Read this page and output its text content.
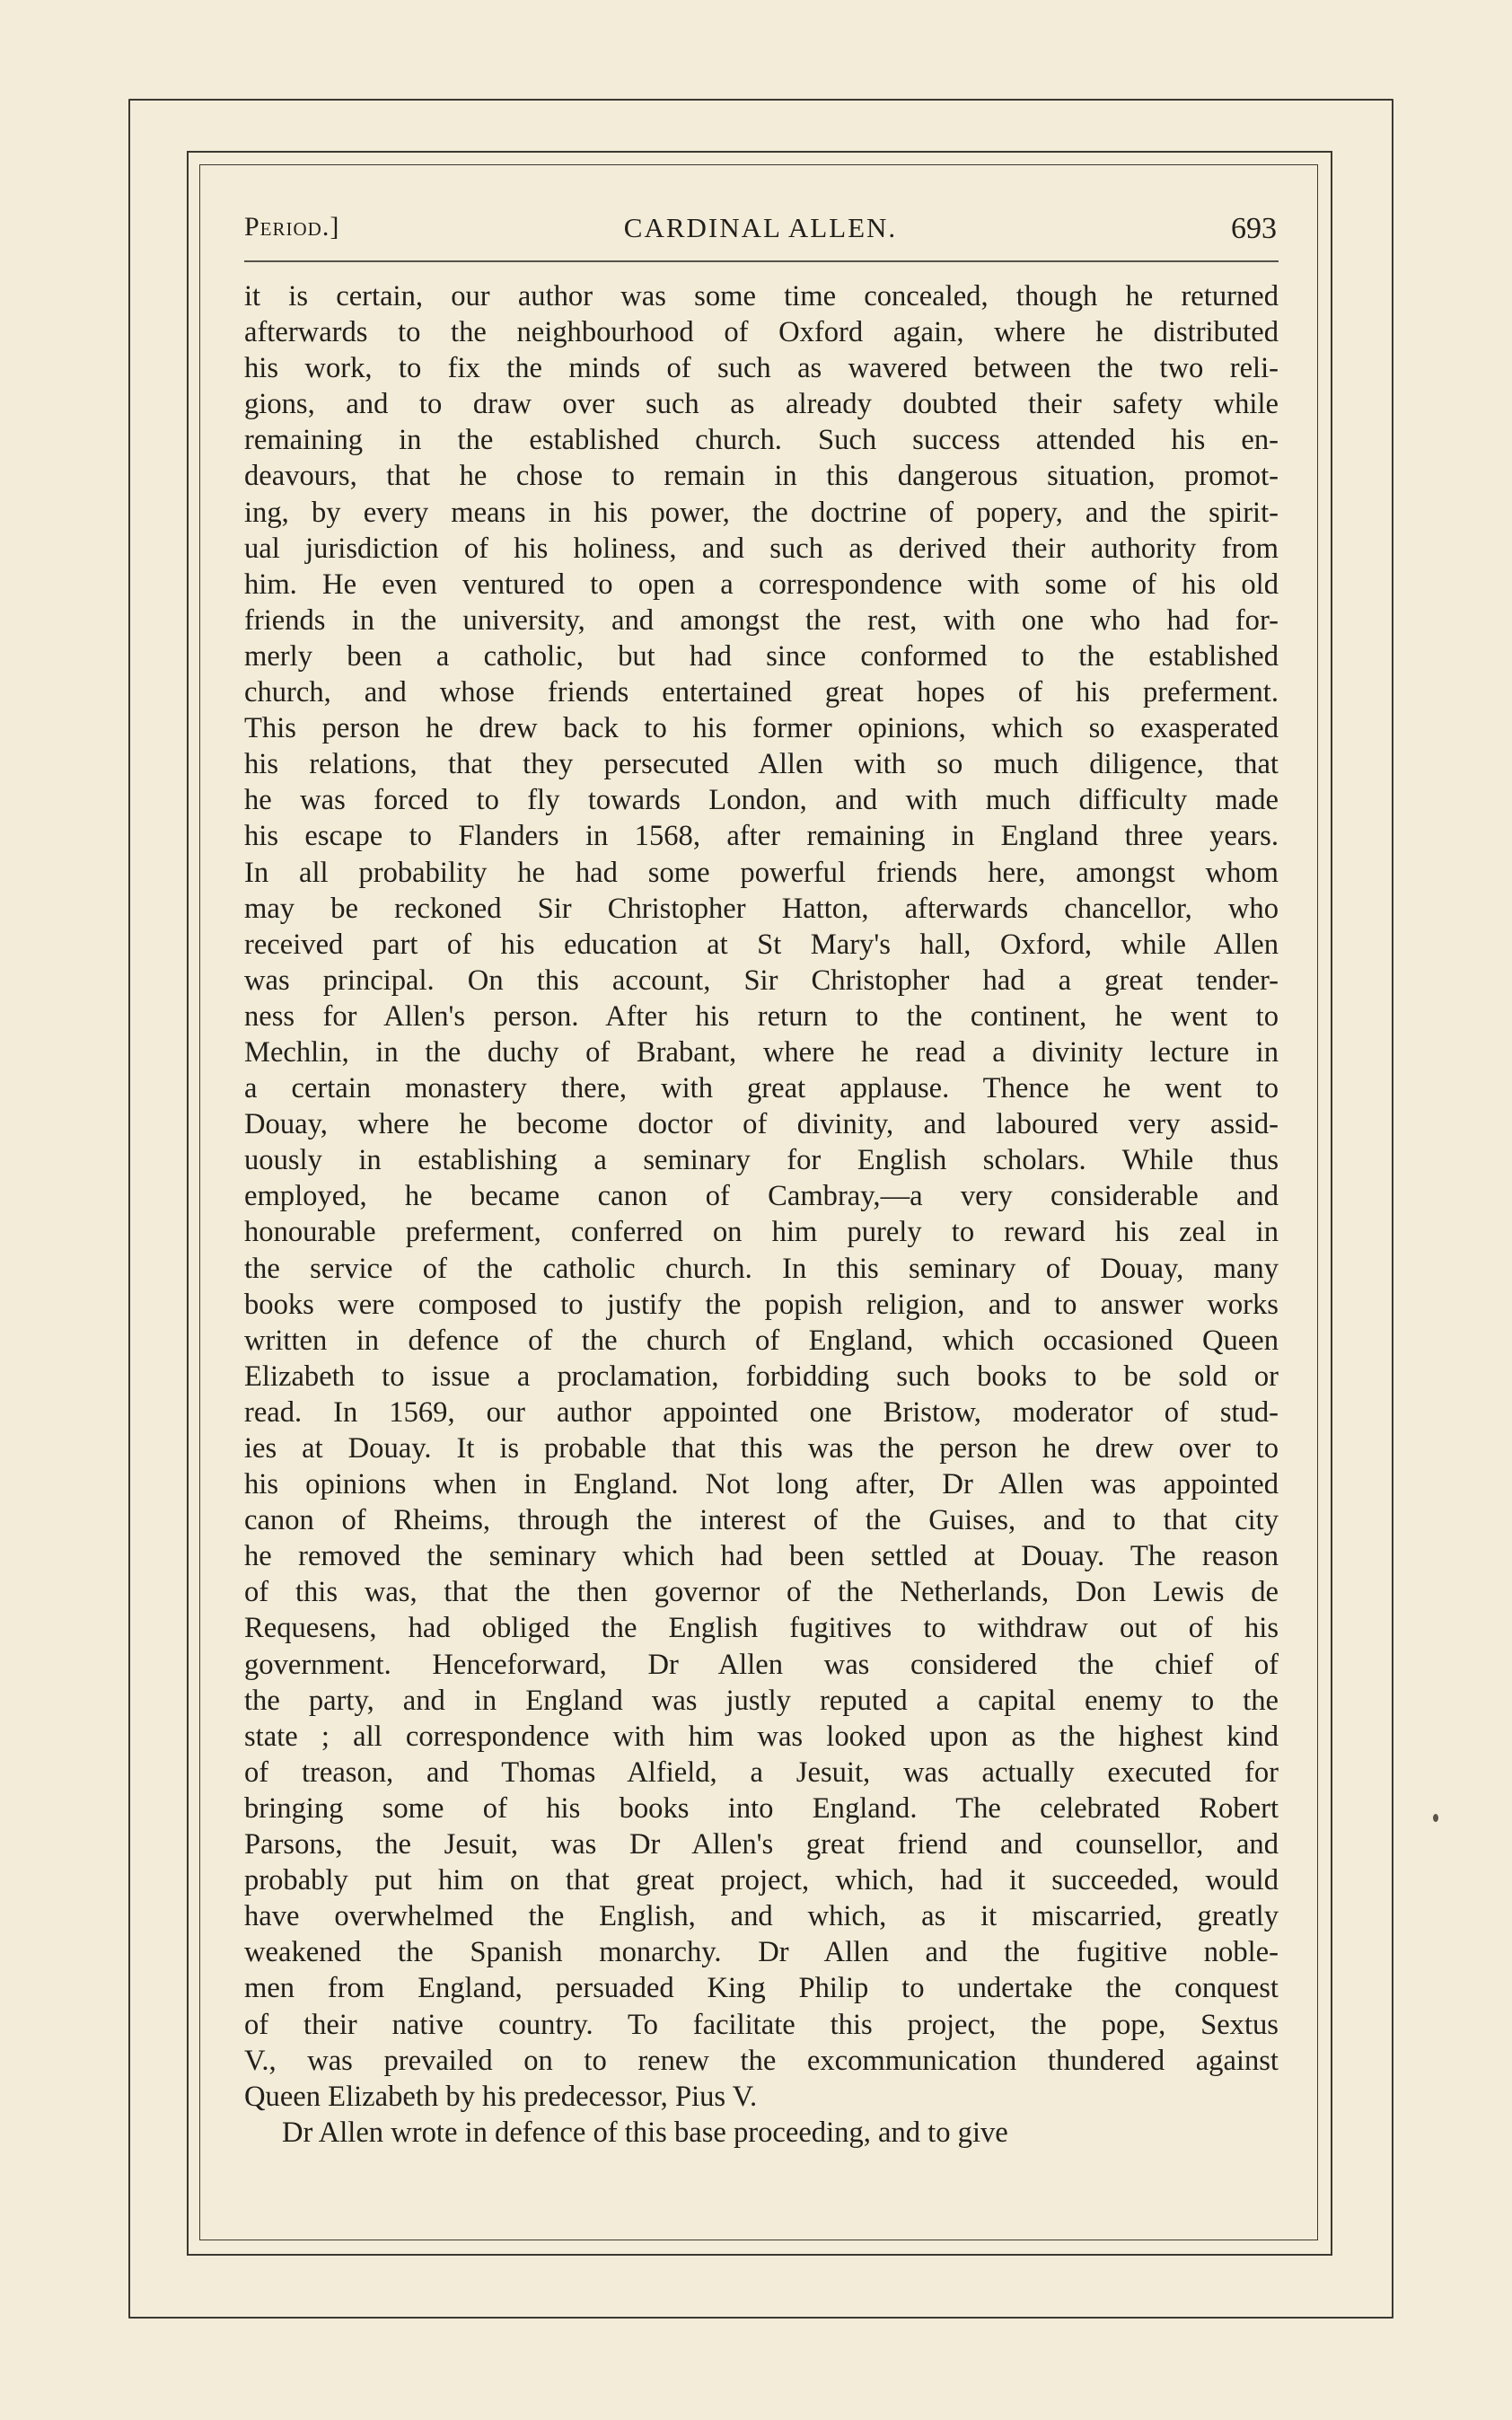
Period.]	CARDINAL ALLEN.	693
it is certain, our author was some time concealed, though he returned
afterwards to the neighbourhood of Oxford again, where he distributed
his work, to fix the minds of such as wavered between the two reli-
gions, and to draw over such as already doubted their safety while
remaining in the established church. Such success attended his en-
deavours, that he chose to remain in this dangerous situation, promot-
ing, by every means in his power, the doctrine of popery, and the spirit-
ual jurisdiction of his holiness, and such as derived their authority from
him. He even ventured to open a correspondence with some of his old
friends in the university, and amongst the rest, with one who had for-
merly been a catholic, but had since conformed to the established
church, and whose friends entertained great hopes of his preferment.
This person he drew back to his former opinions, which so exasperated
his relations, that they persecuted Allen with so much diligence, that
he was forced to fly towards London, and with much difficulty made
his escape to Flanders in 1568, after remaining in England three years.
In all probability he had some powerful friends here, amongst whom
may be reckoned Sir Christopher Hatton, afterwards chancellor, who
received part of his education at St Mary's hall, Oxford, while Allen
was principal. On this account, Sir Christopher had a great tender-
ness for Allen's person. After his return to the continent, he went to
Mechlin, in the duchy of Brabant, where he read a divinity lecture in
a certain monastery there, with great applause. Thence he went to
Douay, where he become doctor of divinity, and laboured very assid-
uously in establishing a seminary for English scholars. While thus
employed, he became canon of Cambray,—a very considerable and
honourable preferment, conferred on him purely to reward his zeal in
the service of the catholic church. In this seminary of Douay, many
books were composed to justify the popish religion, and to answer works
written in defence of the church of England, which occasioned Queen
Elizabeth to issue a proclamation, forbidding such books to be sold or
read. In 1569, our author appointed one Bristow, moderator of stud-
ies at Douay. It is probable that this was the person he drew over to
his opinions when in England. Not long after, Dr Allen was appointed
canon of Rheims, through the interest of the Guises, and to that city
he removed the seminary which had been settled at Douay. The reason
of this was, that the then governor of the Netherlands, Don Lewis de
Requesens, had obliged the English fugitives to withdraw out of his
government. Henceforward, Dr Allen was considered the chief of
the party, and in England was justly reputed a capital enemy to the
state ; all correspondence with him was looked upon as the highest kind
of treason, and Thomas Alfield, a Jesuit, was actually executed for
bringing some of his books into England. The celebrated Robert
Parsons, the Jesuit, was Dr Allen's great friend and counsellor, and
probably put him on that great project, which, had it succeeded, would
have overwhelmed the English, and which, as it miscarried, greatly
weakened the Spanish monarchy. Dr Allen and the fugitive noble-
men from England, persuaded King Philip to undertake the conquest
of their native country. To facilitate this project, the pope, Sextus
V., was prevailed on to renew the excommunication thundered against
Queen Elizabeth by his predecessor, Pius V.
Dr Allen wrote in defence of this base proceeding, and to give
